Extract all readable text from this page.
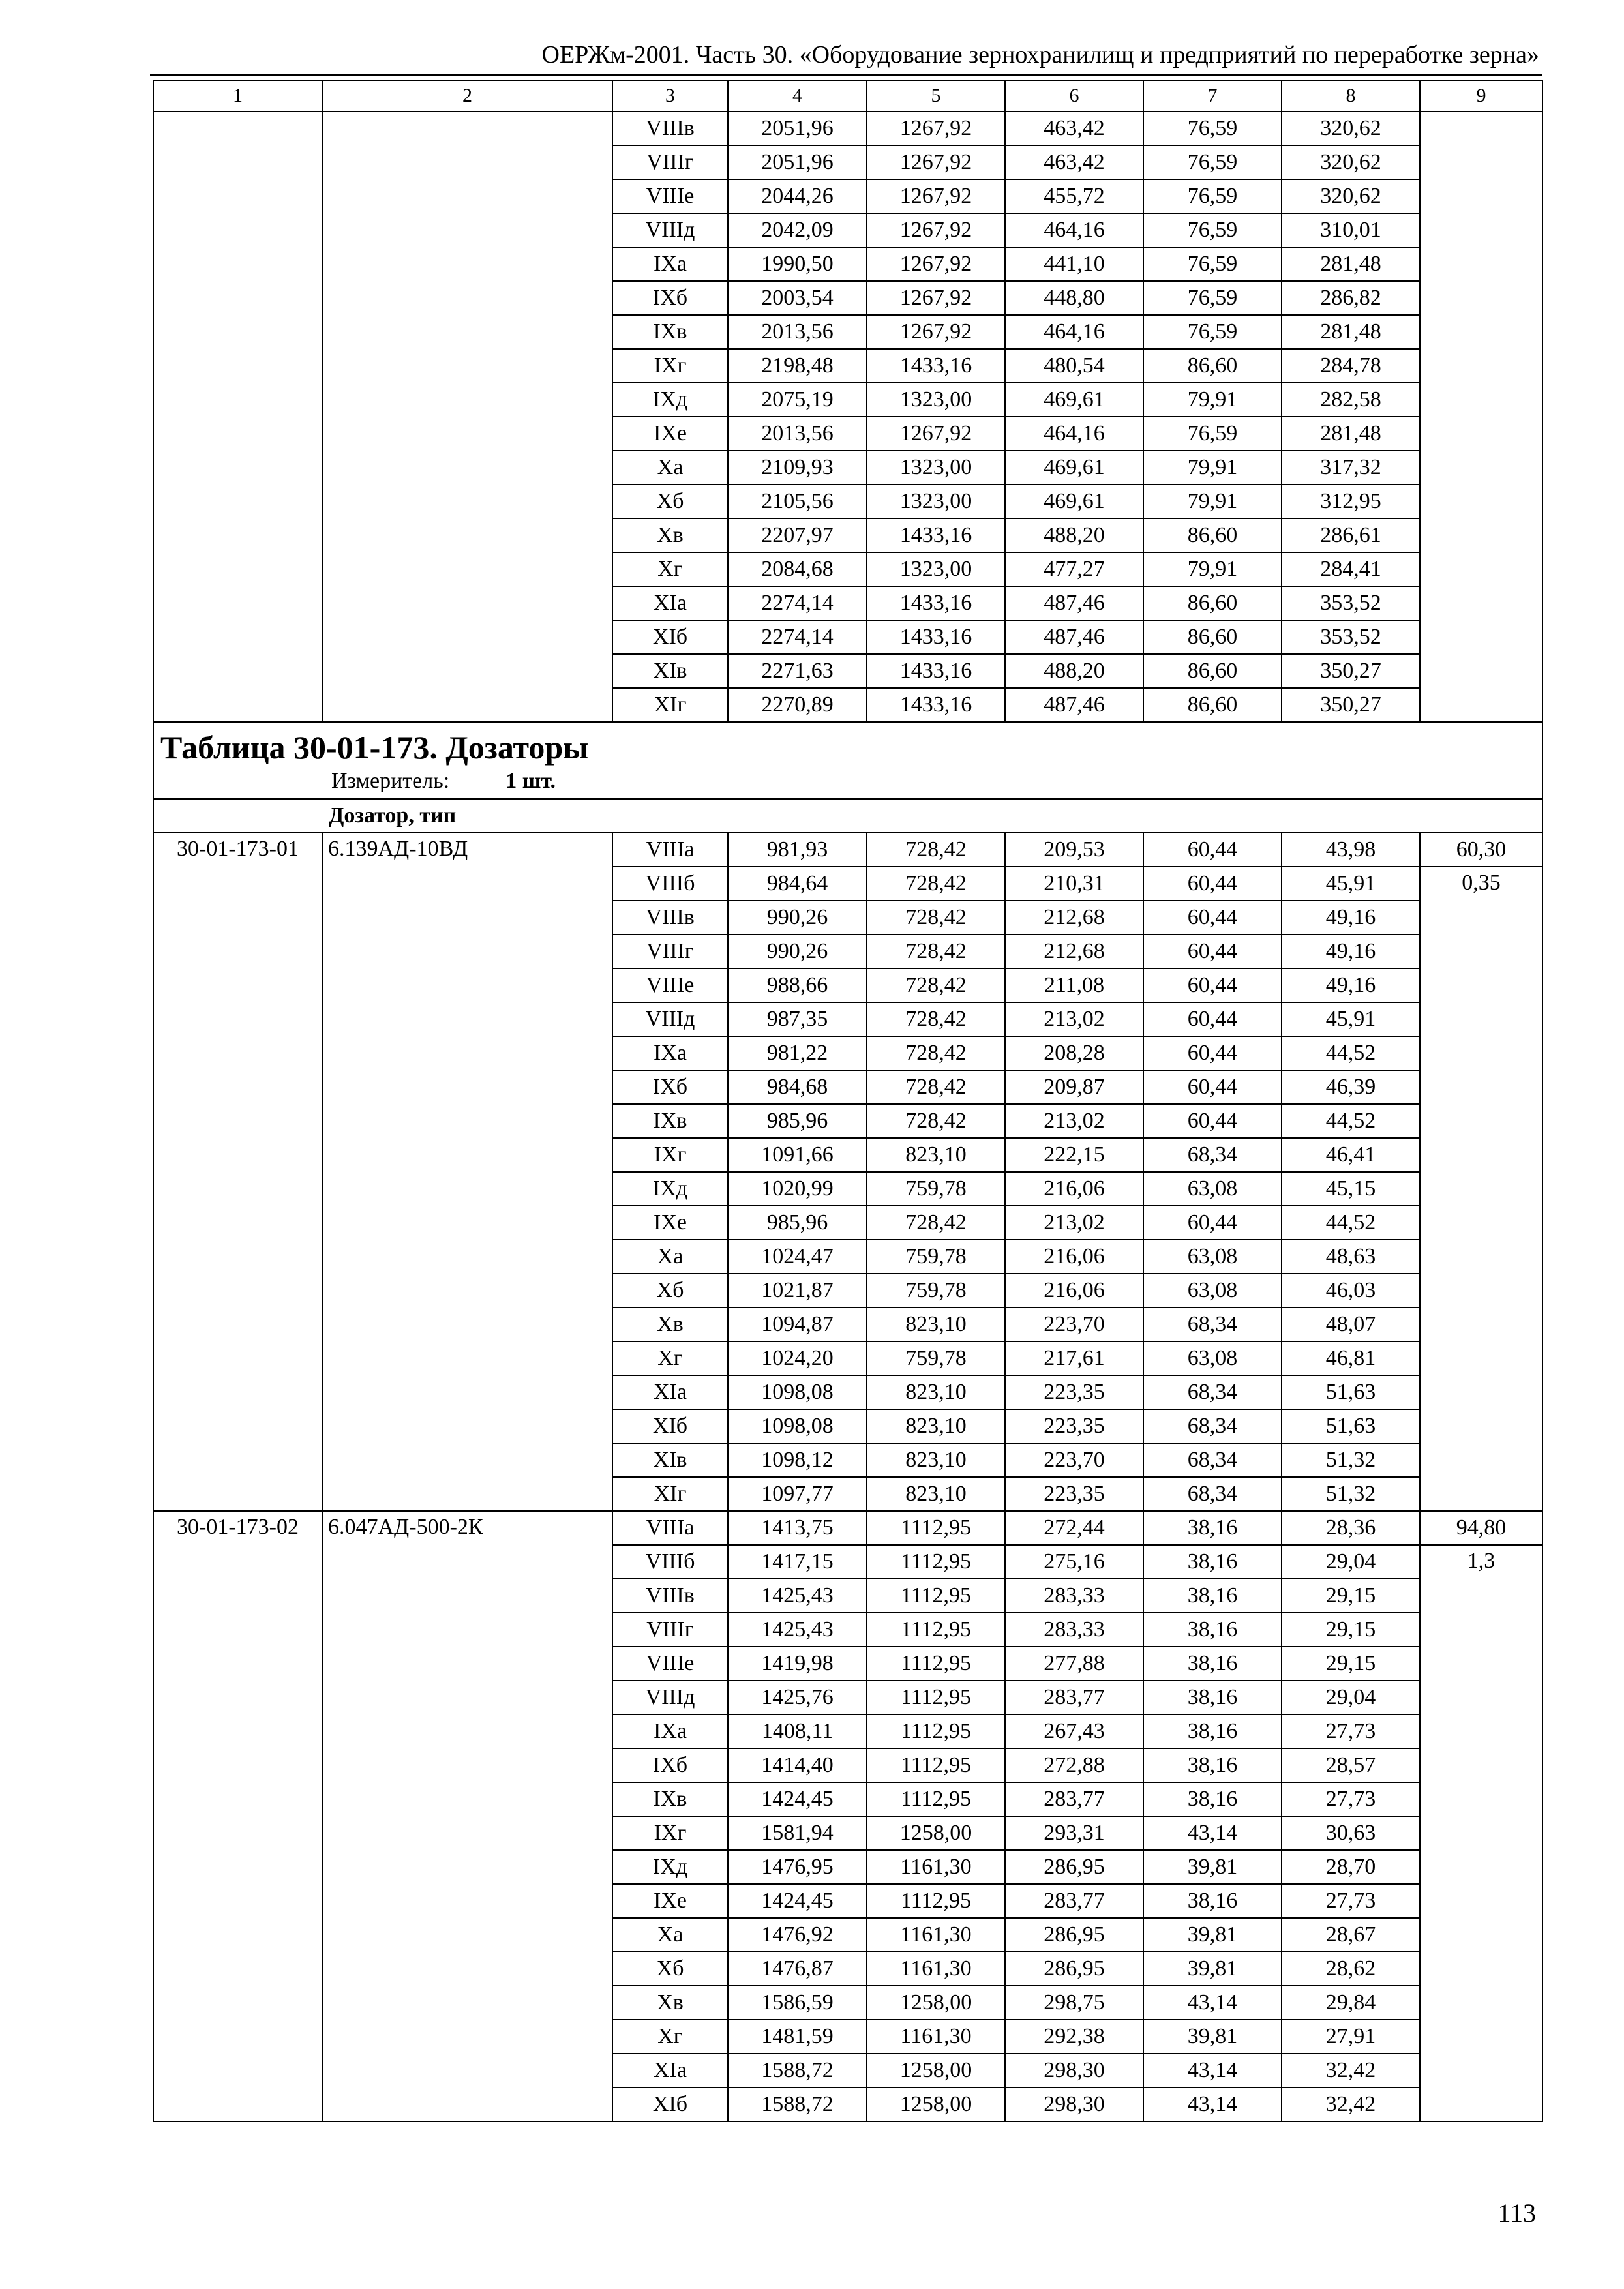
ОЕРЖм-2001. Часть 30. «Оборудование зернохранилищ и предприятий по переработке зерна»
1	2	3	4	5	6	7	8	9
		VIIIв	2051,96	1267,92	463,42	76,59	320,62	
		VIIIг	2051,96	1267,92	463,42	76,59	320,62	
		VIIIе	2044,26	1267,92	455,72	76,59	320,62	
		VIIIд	2042,09	1267,92	464,16	76,59	310,01	
		IXа	1990,50	1267,92	441,10	76,59	281,48	
		IXб	2003,54	1267,92	448,80	76,59	286,82	
		IXв	2013,56	1267,92	464,16	76,59	281,48	
		IXг	2198,48	1433,16	480,54	86,60	284,78	
		IXд	2075,19	1323,00	469,61	79,91	282,58	
		IXе	2013,56	1267,92	464,16	76,59	281,48	
		Xа	2109,93	1323,00	469,61	79,91	317,32	
		Xб	2105,56	1323,00	469,61	79,91	312,95	
		Xв	2207,97	1433,16	488,20	86,60	286,61	
		Xг	2084,68	1323,00	477,27	79,91	284,41	
		XIа	2274,14	1433,16	487,46	86,60	353,52	
		XIб	2274,14	1433,16	487,46	86,60	353,52	
		XIв	2271,63	1433,16	488,20	86,60	350,27	
		XIг	2270,89	1433,16	487,46	86,60	350,27	

Таблица 30-01-173. Дозаторы
Измеритель: 1 шт.								

Дозатор, тип								
30-01-173-01	6.139АД-10ВД	VIIIа	981,93	728,42	209,53	60,44	43,98	60,30
		VIIIб	984,64	728,42	210,31	60,44	45,91	0,35
		VIIIв	990,26	728,42	212,68	60,44	49,16	
		VIIIг	990,26	728,42	212,68	60,44	49,16	
		VIIIе	988,66	728,42	211,08	60,44	49,16	
		VIIIд	987,35	728,42	213,02	60,44	45,91	
		IXа	981,22	728,42	208,28	60,44	44,52	
		IXб	984,68	728,42	209,87	60,44	46,39	
		IXв	985,96	728,42	213,02	60,44	44,52	
		IXг	1091,66	823,10	222,15	68,34	46,41	
		IXд	1020,99	759,78	216,06	63,08	45,15	
		IXе	985,96	728,42	213,02	60,44	44,52	
		Xа	1024,47	759,78	216,06	63,08	48,63	
		Xб	1021,87	759,78	216,06	63,08	46,03	
		Xв	1094,87	823,10	223,70	68,34	48,07	
		Xг	1024,20	759,78	217,61	63,08	46,81	
		XIа	1098,08	823,10	223,35	68,34	51,63	
		XIб	1098,08	823,10	223,35	68,34	51,63	
		XIв	1098,12	823,10	223,70	68,34	51,32	
		XIг	1097,77	823,10	223,35	68,34	51,32	
30-01-173-02	6.047АД-500-2К	VIIIа	1413,75	1112,95	272,44	38,16	28,36	94,80
		VIIIб	1417,15	1112,95	275,16	38,16	29,04	1,3
		VIIIв	1425,43	1112,95	283,33	38,16	29,15	
		VIIIг	1425,43	1112,95	283,33	38,16	29,15	
		VIIIе	1419,98	1112,95	277,88	38,16	29,15	
		VIIIд	1425,76	1112,95	283,77	38,16	29,04	
		IXа	1408,11	1112,95	267,43	38,16	27,73	
		IXб	1414,40	1112,95	272,88	38,16	28,57	
		IXв	1424,45	1112,95	283,77	38,16	27,73	
		IXг	1581,94	1258,00	293,31	43,14	30,63	
		IXд	1476,95	1161,30	286,95	39,81	28,70	
		IXе	1424,45	1112,95	283,77	38,16	27,73	
		Xа	1476,92	1161,30	286,95	39,81	28,67	
		Xб	1476,87	1161,30	286,95	39,81	28,62	
		Xв	1586,59	1258,00	298,75	43,14	29,84	
		Xг	1481,59	1161,30	292,38	39,81	27,91	
		XIа	1588,72	1258,00	298,30	43,14	32,42	
		XIб	1588,72	1258,00	298,30	43,14	32,42	
113
